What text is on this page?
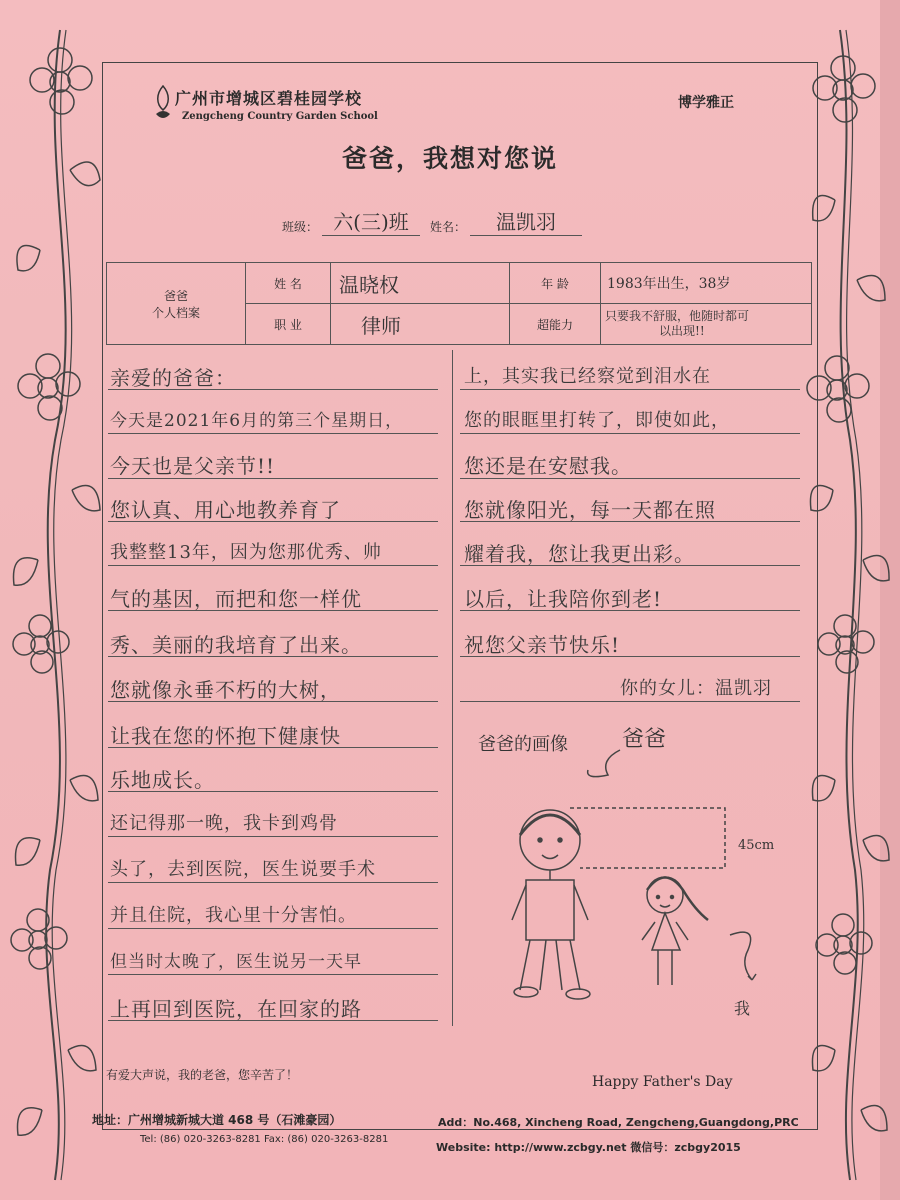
广州市增城区碧桂园学校
Zengcheng Country Garden School
博学雅正
爸爸，我想对您说
班级： 六(三)班	姓名：	温凯羽
爸爸
个人档案	姓 名	温晓权	年 龄	1983年出生，38岁
	职 业	律师	超能力	只要我不舒服，他随时都可
以出现!!
亲爱的爸爸：
今天是2021年6月的第三个星期日，
今天也是父亲节!!
您认真、用心地教养育了
我整整13年，因为您那优秀、帅
气的基因，而把和您一样优
秀、美丽的我培育了出来。
您就像永垂不朽的大树，
让我在您的怀抱下健康快
乐地成长。
还记得那一晚，我卡到鸡骨
头了，去到医院，医生说要手术
并且住院，我心里十分害怕。
但当时太晚了，医生说另一天早
上再回到医院，在回家的路
上，其实我已经察觉到泪水在
您的眼眶里打转了，即使如此，
您还是在安慰我。
您就像阳光，每一天都在照
耀着我，您让我更出彩。
以后，让我陪你到老!
祝您父亲节快乐!
你的女儿：温凯羽
爸爸的画像 爸爸
45cm
我
有爱大声说，我的老爸，您辛苦了！	Happy Father's Day
地址：广州增城新城大道 468 号（石滩豪园）	Add：No.468, Xincheng Road, Zengcheng,Guangdong,PRC
Tel: (86) 020-3263-8281 Fax: (86) 020-3263-8281
Website: http://www.zcbgy.net 微信号：zcbgy2015
